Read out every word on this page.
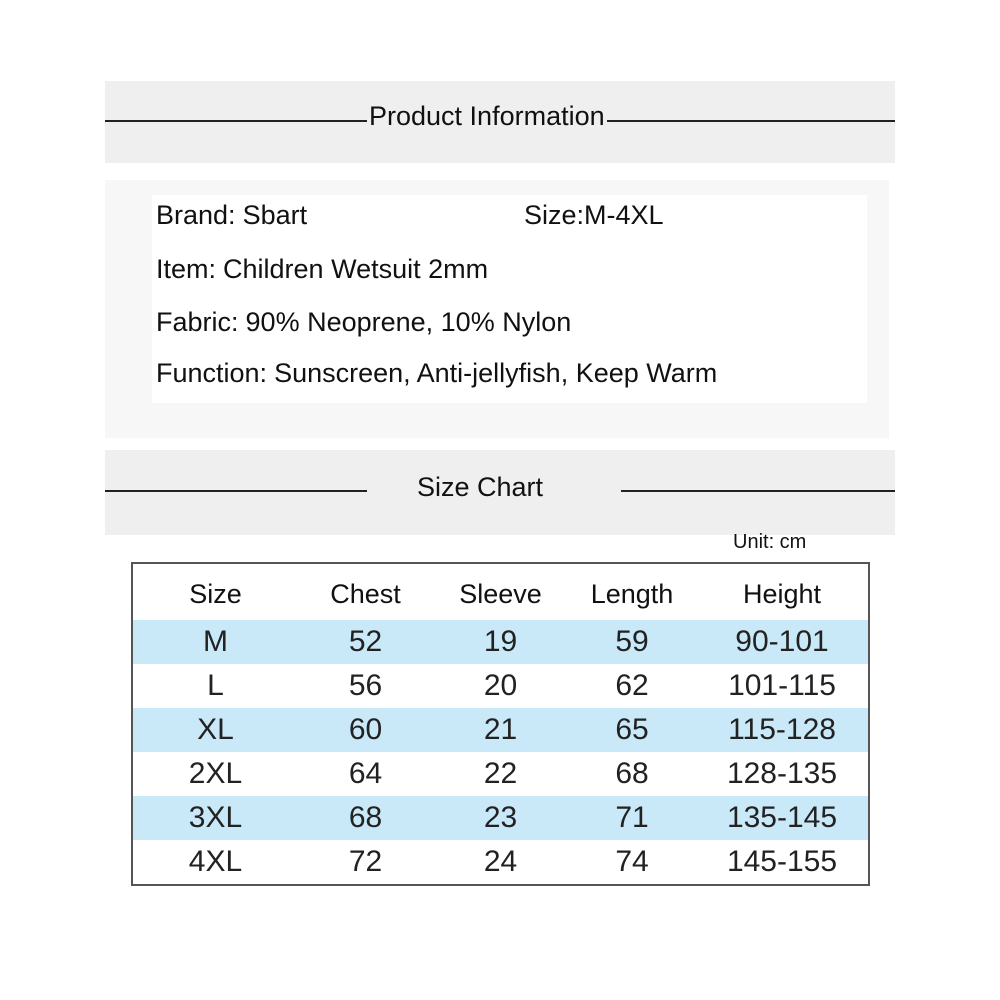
Product Information
Brand: Sbart	Size:M-4XL
Item: Children Wetsuit 2mm
Fabric: 90% Neoprene, 10% Nylon
Function: Sunscreen, Anti-jellyfish, Keep Warm
Size Chart
Unit: cm
Size	Chest	Sleeve	Length	Height
M	52	19	59	90-101
L	56	20	62	101-115
XL	60	21	65	115-128
2XL	64	22	68	128-135
3XL	68	23	71	135-145
4XL	72	24	74	145-155
